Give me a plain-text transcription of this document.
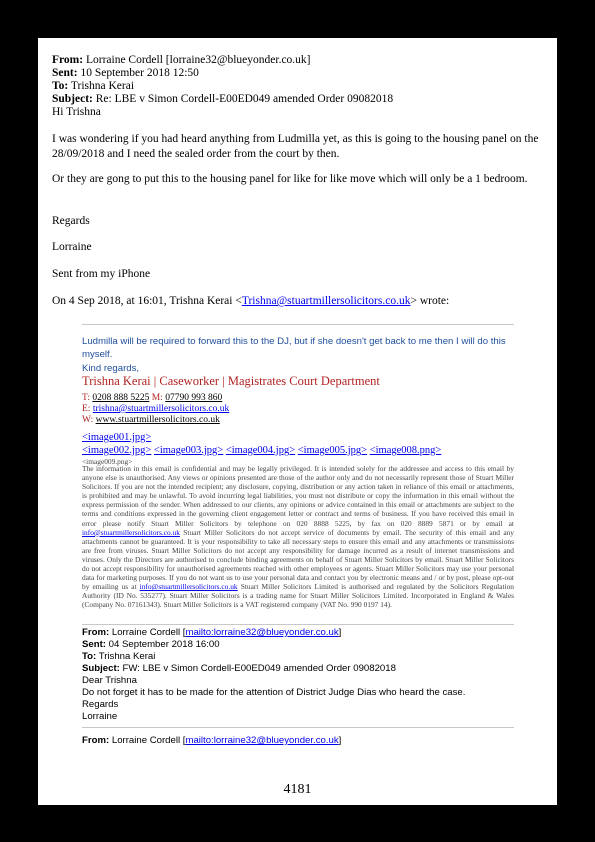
From: Lorraine Cordell [lorraine32@blueyonder.co.uk]
Sent: 10 September 2018 12:50
To: Trishna Kerai
Subject: Re: LBE v Simon Cordell-E00ED049 amended Order 09082018
Hi Trishna
I was wondering if you had heard anything from Ludmilla yet, as this is going to the housing panel on the 28/09/2018 and I need the sealed order from the court by then.
Or they are gong to put this to the housing panel for like for like move which will only be a 1 bedroom.
Regards
Lorraine
Sent from my iPhone
On 4 Sep 2018, at 16:01, Trishna Kerai <Trishna@stuartmillersolicitors.co.uk> wrote:
Ludmilla will be required to forward this to the DJ, but if she doesn't get back to me then I will do this myself.
Kind regards,
Trishna Kerai | Caseworker | Magistrates Court Department
T: 0208 888 5225 M: 07790 993 860
E: trishna@stuartmillersolicitors.co.uk
W: www.stuartmillersolicitors.co.uk
<image001.jpg>
<image002.jpg> <image003.jpg> <image004.jpg> <image005.jpg> <image008.png>
<image009.png>
The information in this email is confidential and may be legally privileged. It is intended solely for the addressee and access to this email by anyone else is unauthorised. Any views or opinions presented are those of the author only and do not necessarily represent those of Stuart Miller Solicitors. If you are not the intended recipient; any disclosure, copying, distribution or any action taken in reliance of this email or attachments, is prohibited and may be unlawful. To avoid incurring legal liabilities, you must not distribute or copy the information in this email without the express permission of the sender. When addressed to our clients, any opinions or advice contained in this email or attachments are subject to the terms and conditions expressed in the governing client engagement letter or contract and terms of business. If you have received this email in error please notify Stuart Miller Solicitors by telephone on 020 8888 5225, by fax on 020 8889 5871 or by email at info@stuartmillersolicitors.co.uk Stuart Miller Solicitors do not accept service of documents by email. The security of this email and any attachments cannot be guaranteed. It is your responsibility to take all necessary steps to ensure this email and any attachments or transmissions are free from viruses. Stuart Miller Solicitors do not accept any responsibility for damage incurred as a result of internet transmissions and viruses. Only the Directors are authorised to conclude binding agreements on behalf of Stuart Miller Solicitors by email. Stuart Miller Solicitors do not accept responsibility for unauthorised agreements reached with other employees or agents. Stuart Miller Solicitors may use your personal data for marketing purposes. If you do not want us to use your personal data and contact you by electronic means and / or by post, please opt-out by emailing us at info@stuartmillersolicitors.co.uk Stuart Miller Solicitors Limited is authorised and regulated by the Solicitors Regulation Authority (ID No. 535277). Stuart Miller Solicitors is a trading name for Stuart Miller Solicitors Limited. Incorporated in England & Wales (Company No. 07161343). Stuart Miller Solicitors is a VAT registered company (VAT No. 990 0197 14).
From: Lorraine Cordell [mailto:lorraine32@blueyonder.co.uk]
Sent: 04 September 2018 16:00
To: Trishna Kerai
Subject: FW: LBE v Simon Cordell-E00ED049 amended Order 09082018
Dear Trishna
Do not forget it has to be made for the attention of District Judge Dias who heard the case.
Regards
Lorraine
From: Lorraine Cordell [mailto:lorraine32@blueyonder.co.uk]
4181
